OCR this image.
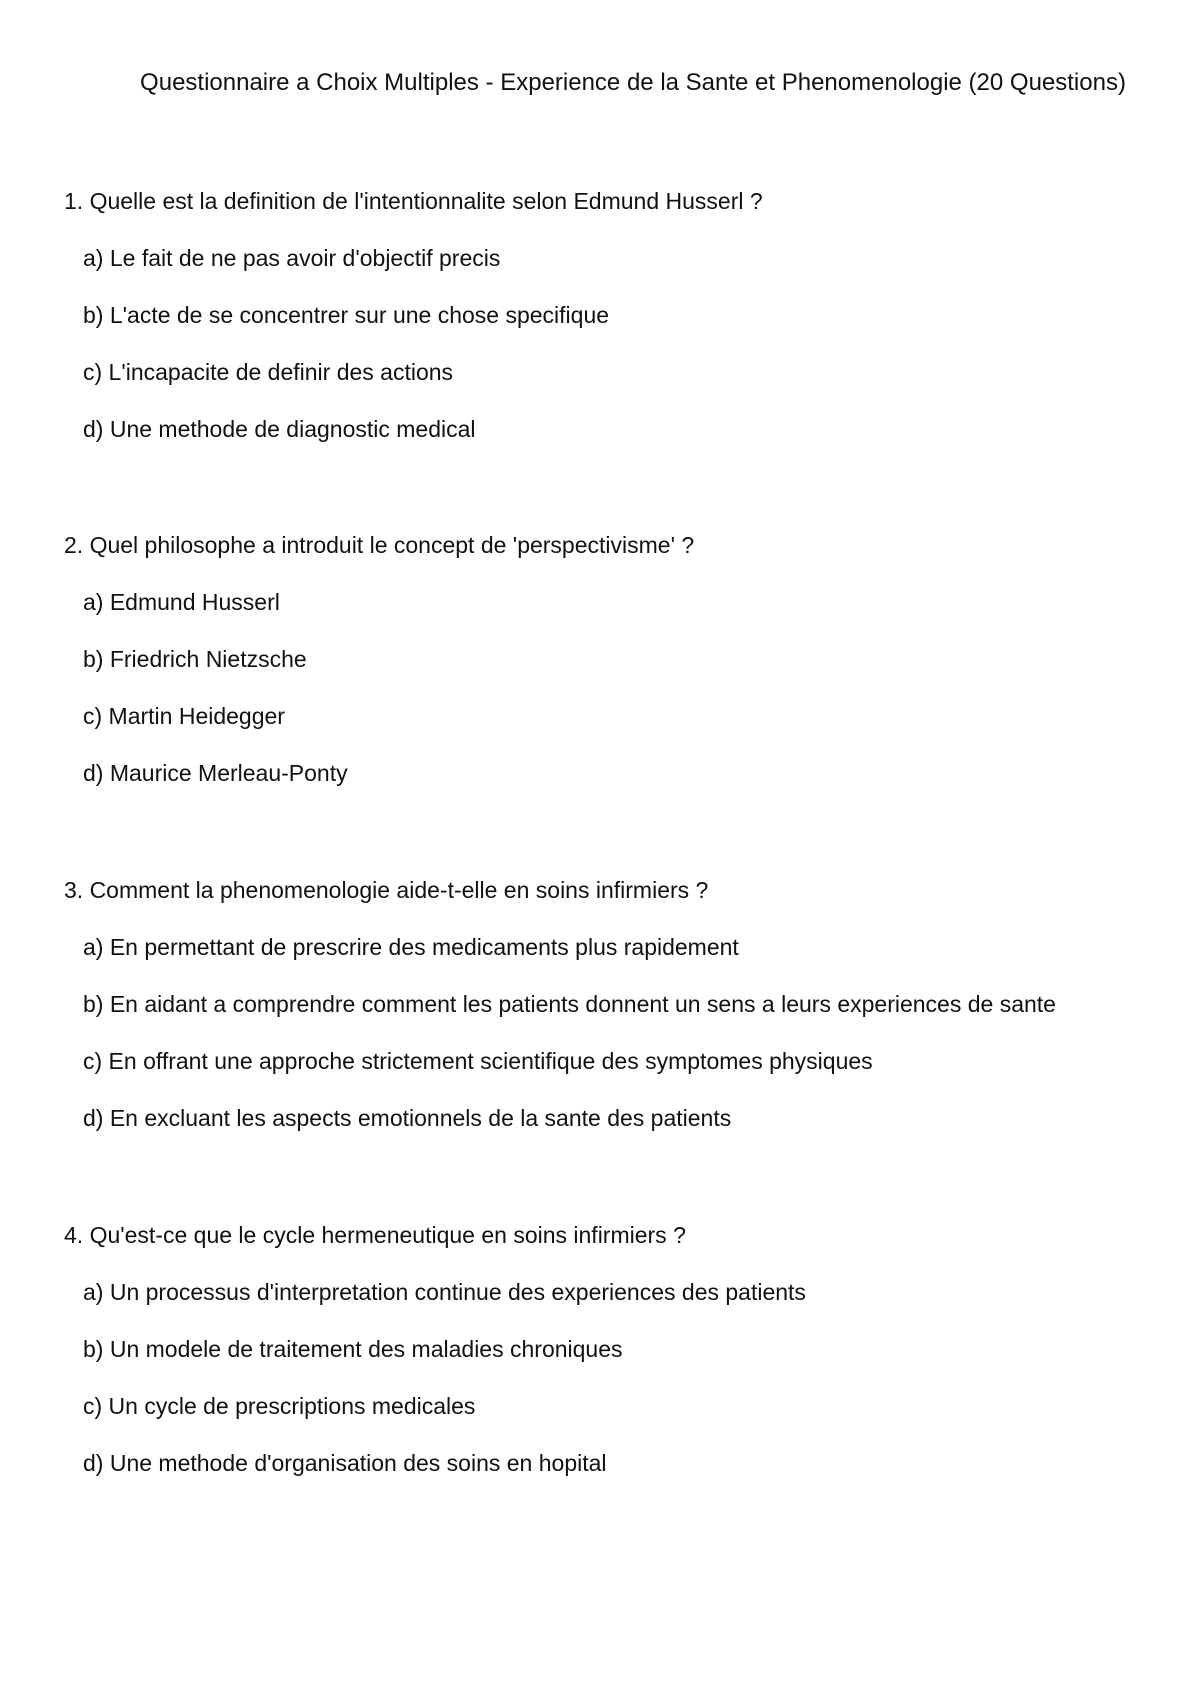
Questionnaire a Choix Multiples - Experience de la Sante et Phenomenologie (20 Questions)

1. Quelle est la definition de l'intentionnalite selon Edmund Husserl ?

a) Le fait de ne pas avoir d'objectif precis
b) L'acte de se concentrer sur une chose specifique
c) L'incapacite de definir des actions
d) Une methode de diagnostic medical

2. Quel philosophe a introduit le concept de 'perspectivisme' ?

a) Edmund Husserl
b) Friedrich Nietzsche
c) Martin Heidegger
d) Maurice Merleau-Ponty

3. Comment la phenomenologie aide-t-elle en soins infirmiers ?

a) En permettant de prescrire des medicaments plus rapidement
b) En aidant a comprendre comment les patients donnent un sens a leurs experiences de sante
c) En offrant une approche strictement scientifique des symptomes physiques
d) En excluant les aspects emotionnels de la sante des patients

4. Qu'est-ce que le cycle hermeneutique en soins infirmiers ?

a) Un processus d'interpretation continue des experiences des patients
b) Un modele de traitement des maladies chroniques
c) Un cycle de prescriptions medicales
d) Une methode d'organisation des soins en hopital
